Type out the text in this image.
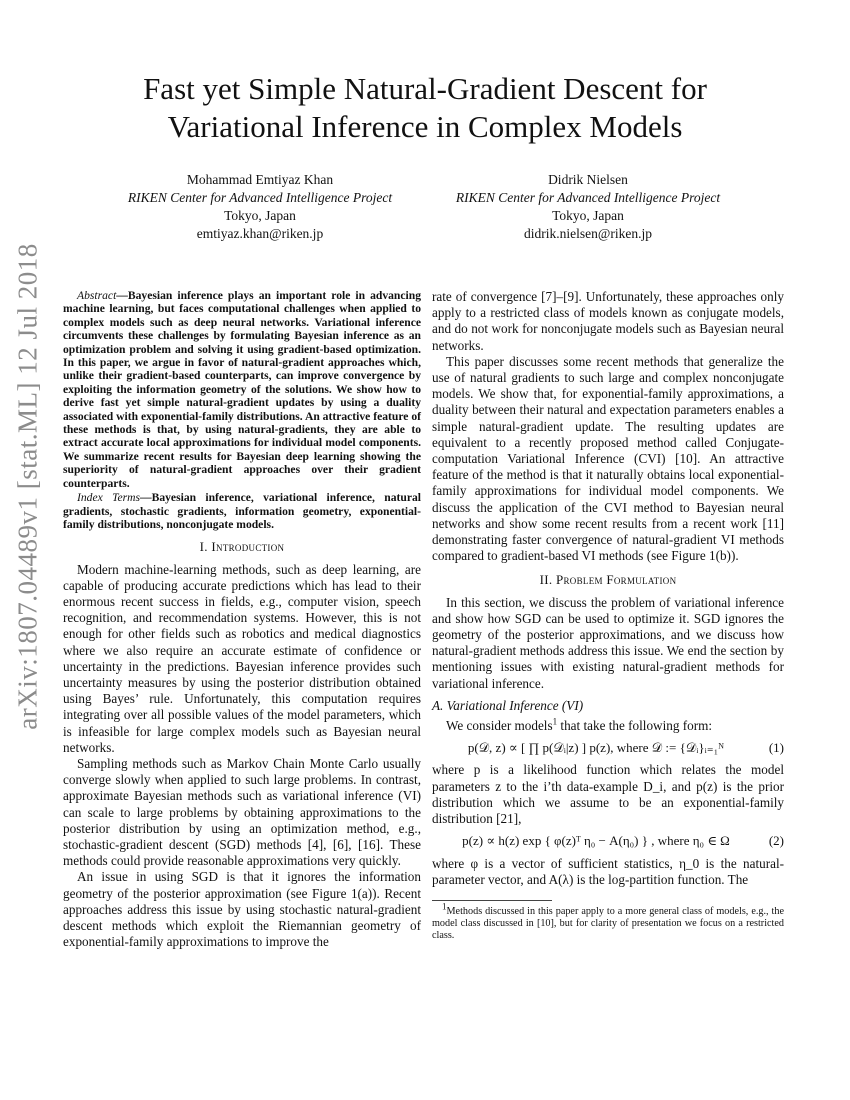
arXiv:1807.04489v1 [stat.ML] 12 Jul 2018
Fast yet Simple Natural-Gradient Descent for
Variational Inference in Complex Models
Mohammad Emtiyaz Khan
RIKEN Center for Advanced Intelligence Project
Tokyo, Japan
emtiyaz.khan@riken.jp
Didrik Nielsen
RIKEN Center for Advanced Intelligence Project
Tokyo, Japan
didrik.nielsen@riken.jp

Abstract—Bayesian inference plays an important role in advancing machine learning, but faces computational challenges when applied to complex models such as deep neural networks. Variational inference circumvents these challenges by formulating Bayesian inference as an optimization problem and solving it using gradient-based optimization. In this paper, we argue in favor of natural-gradient approaches which, unlike their gradient-based counterparts, can improve convergence by exploiting the information geometry of the solutions. We show how to derive fast yet simple natural-gradient updates by using a duality associated with exponential-family distributions. An attractive feature of these methods is that, by using natural-gradients, they are able to extract accurate local approximations for individual model components. We summarize recent results for Bayesian deep learning showing the superiority of natural-gradient approaches over their gradient counterparts.

Index Terms—Bayesian inference, variational inference, natural gradients, stochastic gradients, information geometry, exponential-family distributions, nonconjugate models.

I. Introduction

Modern machine-learning methods, such as deep learning, are capable of producing accurate predictions which has lead to their enormous recent success in fields, e.g., computer vision, speech recognition, and recommendation systems. However, this is not enough for other fields such as robotics and medical diagnostics where we also require an accurate estimate of confidence or uncertainty in the predictions. Bayesian inference provides such uncertainty measures by using the posterior distribution obtained using Bayes’ rule. Unfortunately, this computation requires integrating over all possible values of the model parameters, which is infeasible for large complex models such as Bayesian neural networks.

Sampling methods such as Markov Chain Monte Carlo usually converge slowly when applied to such large problems. In contrast, approximate Bayesian methods such as variational inference (VI) can scale to large problems by obtaining approximations to the posterior distribution by using an optimization method, e.g., stochastic-gradient descent (SGD) methods [4], [6], [16]. These methods could provide reasonable approximations very quickly.

An issue in using SGD is that it ignores the information geometry of the posterior approximation (see Figure 1(a)). Recent approaches address this issue by using stochastic natural-gradient descent methods which exploit the Riemannian geometry of exponential-family approximations to improve the

rate of convergence [7]–[9]. Unfortunately, these approaches only apply to a restricted class of models known as conjugate models, and do not work for nonconjugate models such as Bayesian neural networks.

This paper discusses some recent methods that generalize the use of natural gradients to such large and complex nonconjugate models. We show that, for exponential-family approximations, a duality between their natural and expectation parameters enables a simple natural-gradient update. The resulting updates are equivalent to a recently proposed method called Conjugate-computation Variational Inference (CVI) [10]. An attractive feature of the method is that it naturally obtains local exponential-family approximations for individual model components. We discuss the application of the CVI method to Bayesian neural networks and show some recent results from a recent work [11] demonstrating faster convergence of natural-gradient VI methods compared to gradient-based VI methods (see Figure 1(b)).

II. Problem Formulation

In this section, we discuss the problem of variational inference and show how SGD can be used to optimize it. SGD ignores the geometry of the posterior approximations, and we discuss how natural-gradient methods address this issue. We end the section by mentioning issues with existing natural-gradient methods for variational inference.

A. Variational Inference (VI)

We consider models$^1$ that take the following form:

p(𝒟, z) ∝ [ ∏ p(𝒟ᵢ|z) ] p(z), where 𝒟 := {𝒟ᵢ}ᵢ₌₁ᴺ	(1)

where p is a likelihood function which relates the model parameters z to the i’th data-example D_i, and p(z) is the prior distribution which we assume to be an exponential-family distribution [21],

p(z) ∝ h(z) exp { φ(z)ᵀ η₀ − A(η₀) } , where η₀ ∈ Ω	(2)

where φ is a vector of sufficient statistics, η_0 is the natural-parameter vector, and A(λ) is the log-partition function. The

$^1$Methods discussed in this paper apply to a more general class of models, e.g., the model class discussed in [10], but for clarity of presentation we focus on a restricted class.
